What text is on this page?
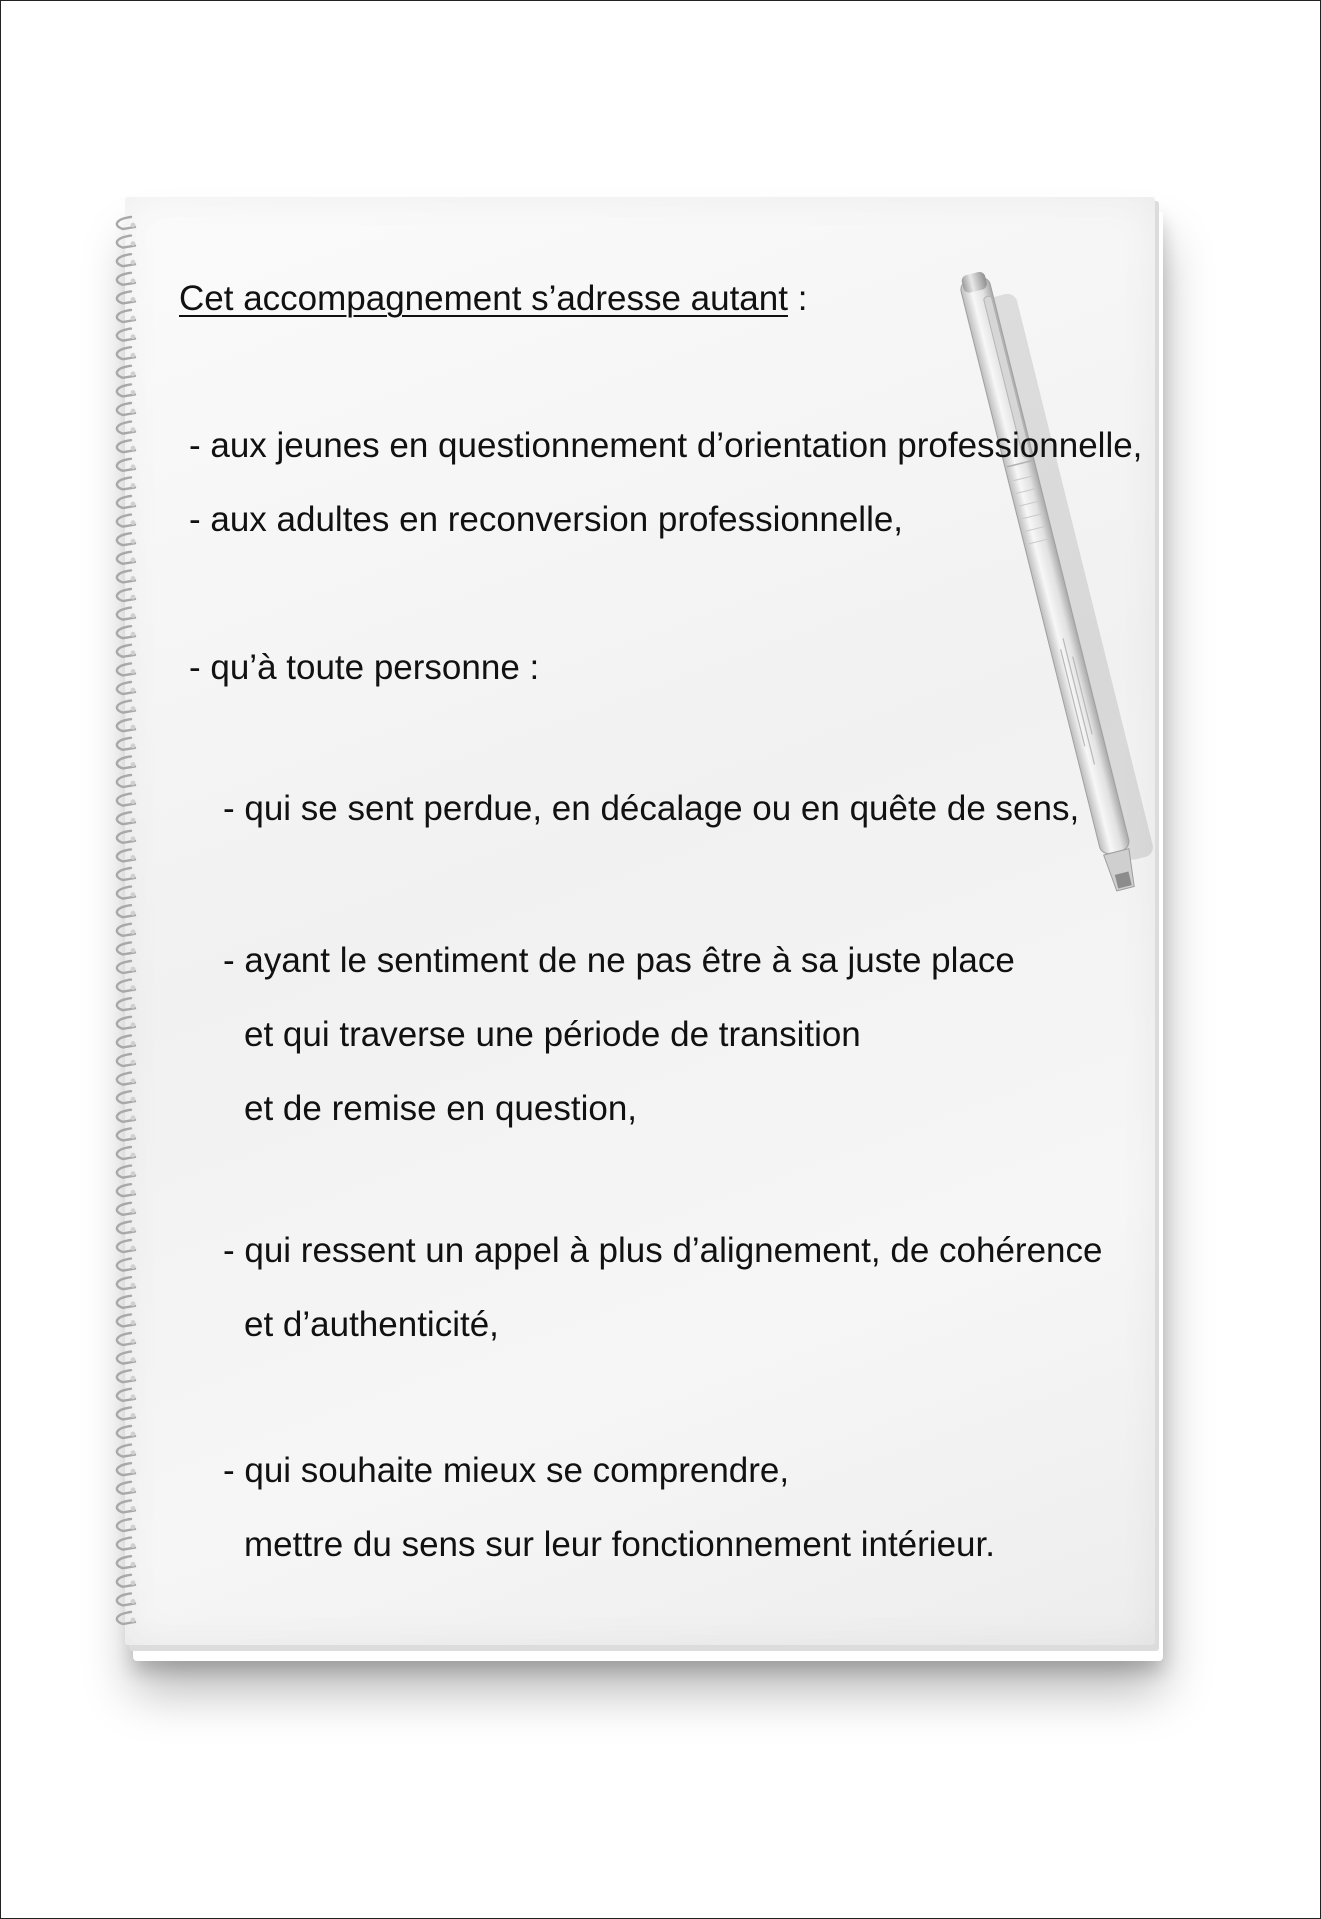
Cet accompagnement s’adresse autant :
- aux jeunes en questionnement d’orientation professionnelle,
- aux adultes en reconversion professionnelle,
- qu’à toute personne :
- qui se sent perdue, en décalage ou en quête de sens,
- ayant le sentiment de ne pas être à sa juste place
et qui traverse une période de transition
et de remise en question,
- qui ressent un appel à plus d’alignement, de cohérence
et d’authenticité,
- qui souhaite mieux se comprendre,
mettre du sens sur leur fonctionnement intérieur.
